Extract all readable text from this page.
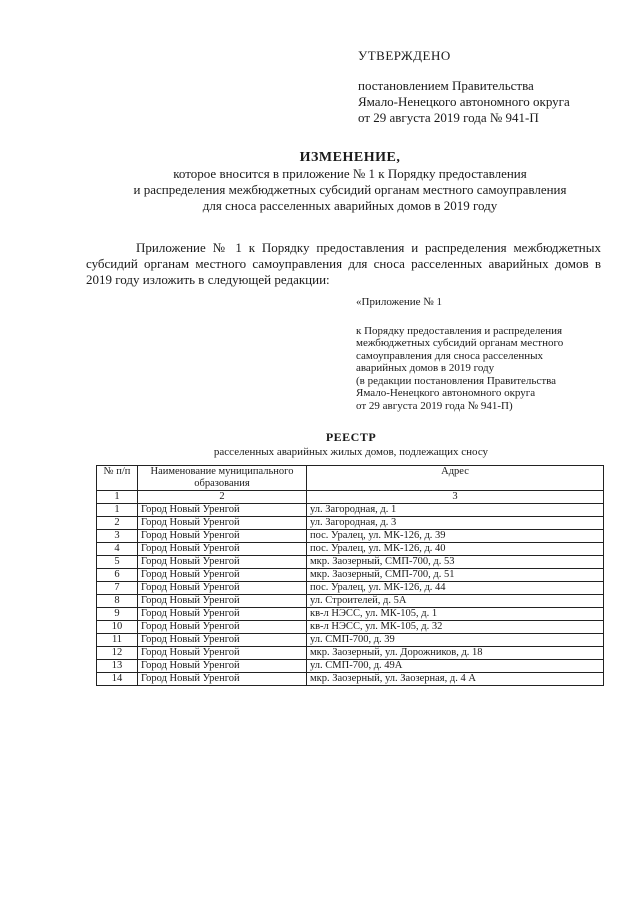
УТВЕРЖДЕНО
постановлением Правительства
Ямало-Ненецкого автономного округа
от 29 августа 2019 года № 941-П
ИЗМЕНЕНИЕ,
которое вносится в приложение № 1 к Порядку предоставления
и распределения межбюджетных субсидий органам местного самоуправления
для сноса расселенных аварийных домов в 2019 году
Приложение № 1 к Порядку предоставления и распределения межбюджетных субсидий органам местного самоуправления для сноса расселенных аварийных домов в 2019 году изложить в следующей редакции:
«Приложение № 1
к Порядку предоставления и распределения
межбюджетных субсидий органам местного
самоуправления для сноса расселенных
аварийных домов в 2019 году
(в редакции постановления Правительства
Ямало-Ненецкого автономного округа
от 29 августа 2019 года № 941-П)
РЕЕСТР
расселенных аварийных жилых домов, подлежащих сносу
№ п/п	Наименование муниципального образования	Адрес
1	2	3
1	Город Новый Уренгой	ул. Загородная, д. 1
2	Город Новый Уренгой	ул. Загородная, д. 3
3	Город Новый Уренгой	пос. Уралец, ул. МК-126, д. 39
4	Город Новый Уренгой	пос. Уралец, ул. МК-126, д. 40
5	Город Новый Уренгой	мкр. Заозерный, СМП-700, д. 53
6	Город Новый Уренгой	мкр. Заозерный, СМП-700, д. 51
7	Город Новый Уренгой	пос. Уралец, ул. МК-126, д. 44
8	Город Новый Уренгой	ул. Строителей, д. 5А
9	Город Новый Уренгой	кв-л НЭСС, ул. МК-105, д. 1
10	Город Новый Уренгой	кв-л НЭСС, ул. МК-105, д. 32
11	Город Новый Уренгой	ул. СМП-700, д. 39
12	Город Новый Уренгой	мкр. Заозерный, ул. Дорожников, д. 18
13	Город Новый Уренгой	ул. СМП-700, д. 49А
14	Город Новый Уренгой	мкр. Заозерный, ул. Заозерная, д. 4 А
